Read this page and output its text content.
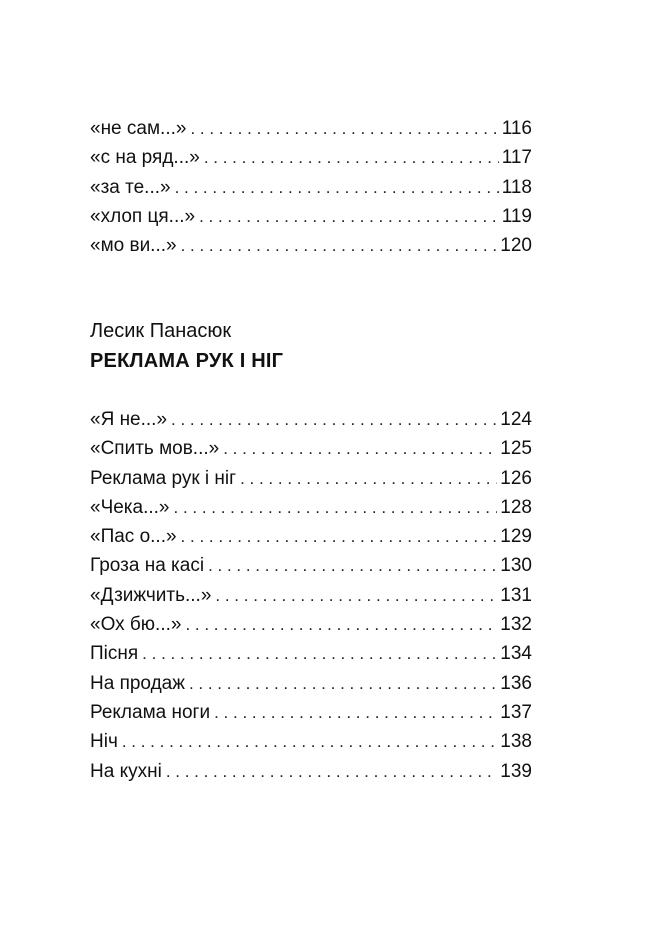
«не сам...» . . .	116
«с на ряд...» . . .	117
«за те...» . . .	118
«хлоп ця...» . . .	119
«мо ви...» . . .	120
Лесик Панасюк
РЕКЛАМА РУК І НІГ
«Я не...» . . .	124
«Спить мов...» . . .	125
Реклама рук і ніг . . .	126
«Чека...» . . .	128
«Пас о...» . . .	129
Гроза на касі . . .	130
«Дзижчить...» . . .	131
«Ох бю...» . . .	132
Пісня . . .	134
На продаж . . .	136
Реклама ноги . . .	137
Ніч . . .	138
На кухні . . .	139
